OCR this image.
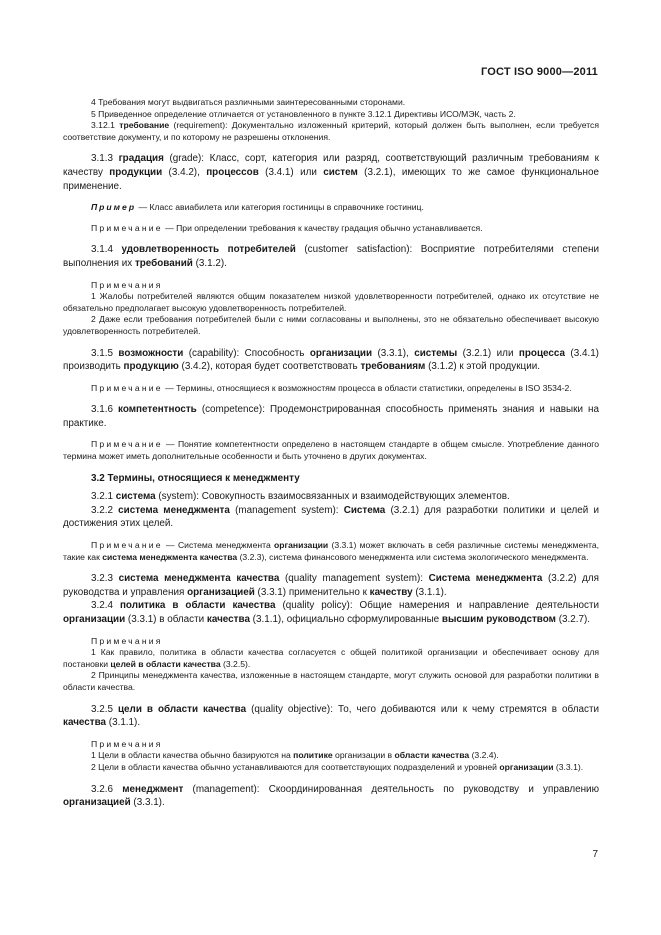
ГОСТ ISO 9000—2011

4 Требования могут выдвигаться различными заинтересованными сторонами.

5 Приведенное определение отличается от установленного в пункте 3.12.1 Директивы ИСО/МЭК, часть 2.

3.12.1 требование (requirement): Документально изложенный критерий, который должен быть выполнен, если требуется соответствие документу, и по которому не разрешены отклонения.

3.1.3 градация (grade): Класс, сорт, категория или разряд, соответствующий различным требованиям к качеству продукции (3.4.2), процессов (3.4.1) или систем (3.2.1), имеющих то же самое функциональное применение.

Пример — Класс авиабилета или категория гостиницы в справочнике гостиниц.

Примечание — При определении требования к качеству градация обычно устанавливается.

3.1.4 удовлетворенность потребителей (customer satisfaction): Восприятие потребителями степени выполнения их требований (3.1.2).

Примечания

1 Жалобы потребителей являются общим показателем низкой удовлетворенности потребителей, однако их отсутствие не обязательно предполагает высокую удовлетворенность потребителей.

2 Даже если требования потребителей были с ними согласованы и выполнены, это не обязательно обеспечивает высокую удовлетворенность потребителей.

3.1.5 возможности (capability): Способность организации (3.3.1), системы (3.2.1) или процесса (3.4.1) производить продукцию (3.4.2), которая будет соответствовать требованиям (3.1.2) к этой продукции.

Примечание — Термины, относящиеся к возможностям процесса в области статистики, определены в ISO 3534-2.

3.1.6 компетентность (competence): Продемонстрированная способность применять знания и навыки на практике.

Примечание — Понятие компетентности определено в настоящем стандарте в общем смысле. Употребление данного термина может иметь дополнительные особенности и быть уточнено в других документах.

3.2 Термины, относящиеся к менеджменту

3.2.1 система (system): Совокупность взаимосвязанных и взаимодействующих элементов.

3.2.2 система менеджмента (management system): Система (3.2.1) для разработки политики и целей и достижения этих целей.

Примечание — Система менеджмента организации (3.3.1) может включать в себя различные системы менеджмента, такие как система менеджмента качества (3.2.3), система финансового менеджмента или система экологического менеджмента.

3.2.3 система менеджмента качества (quality management system): Система менеджмента (3.2.2) для руководства и управления организацией (3.3.1) применительно к качеству (3.1.1).

3.2.4 политика в области качества (quality policy): Общие намерения и направление деятельности организации (3.3.1) в области качества (3.1.1), официально сформулированные высшим руководством (3.2.7).

Примечания

1 Как правило, политика в области качества согласуется с общей политикой организации и обеспечивает основу для постановки целей в области качества (3.2.5).

2 Принципы менеджмента качества, изложенные в настоящем стандарте, могут служить основой для разработки политики в области качества.

3.2.5 цели в области качества (quality objective): То, чего добиваются или к чему стремятся в области качества (3.1.1).

Примечания

1 Цели в области качества обычно базируются на политике организации в области качества (3.2.4).

2 Цели в области качества обычно устанавливаются для соответствующих подразделений и уровней организации (3.3.1).

3.2.6 менеджмент (management): Скоординированная деятельность по руководству и управлению организацией (3.3.1).

7
